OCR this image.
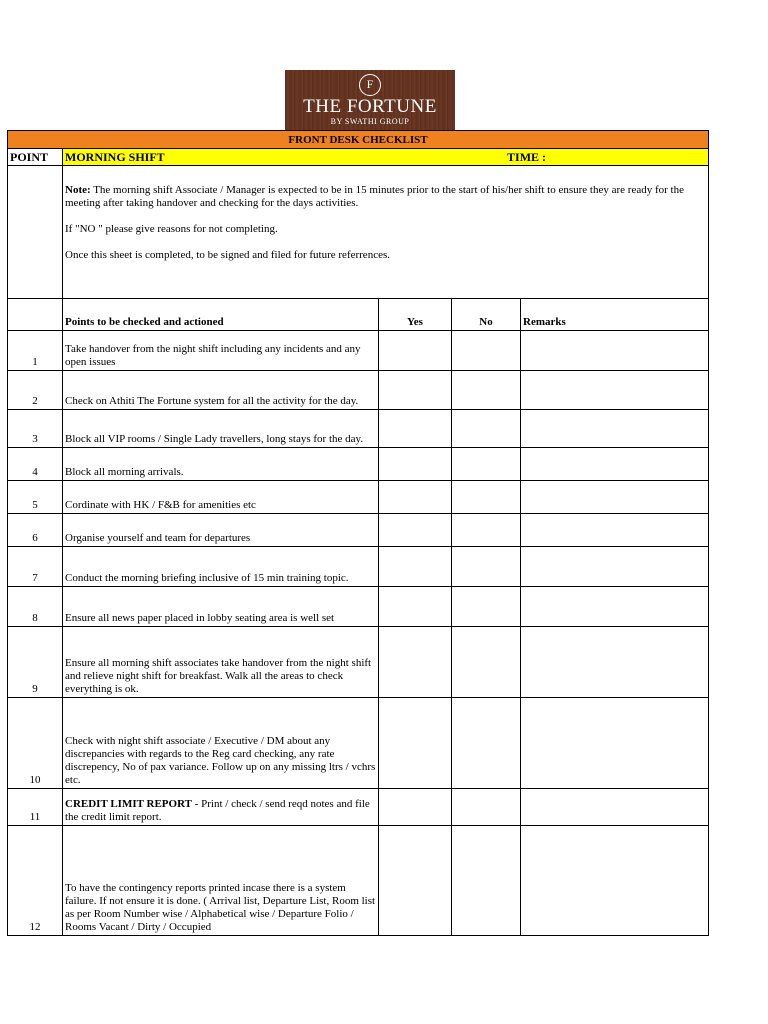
F
THE FORTUNE
BY SWATHI GROUP
FRONT DESK CHECKLIST				
POINT	MORNING SHIFT TIME :			

	Note: The morning shift Associate / Manager is expected to be in 15 minutes prior to the start of his/her shift to ensure they are ready for the meeting after taking handover and checking for the days activities.

If "NO " please give reasons for not completing.

Once this sheet is completed, to be signed and filed for future referrences.			

	Points to be checked and actioned	Yes	No	Remarks
1	Take handover from the night shift including any incidents and any open issues			
2	Check on Athiti The Fortune system for all the activity for the day.			
3	Block all VIP rooms / Single Lady travellers, long stays for the day.			
4	Block all morning arrivals.			
5	Cordinate with HK / F&B for amenities etc			
6	Organise yourself and team for departures			
7	Conduct the morning briefing inclusive of 15 min training topic.			
8	Ensure all news paper placed in lobby seating area is well set			
9	Ensure all morning shift associates take handover from the night shift and relieve night shift for breakfast. Walk all the areas to check everything is ok.			
10	Check with night shift associate / Executive / DM about any discrepancies with regards to the Reg card checking, any rate discrepency, No of pax variance. Follow up on any missing ltrs / vchrs etc.			
11	CREDIT LIMIT REPORT - Print / check / send reqd notes and file the credit limit report.			
12	To have the contingency reports printed incase there is a system failure. If not ensure it is done. ( Arrival list, Departure List, Room list as per Room Number wise / Alphabetical wise / Departure Folio / Rooms Vacant / Dirty / Occupied			
